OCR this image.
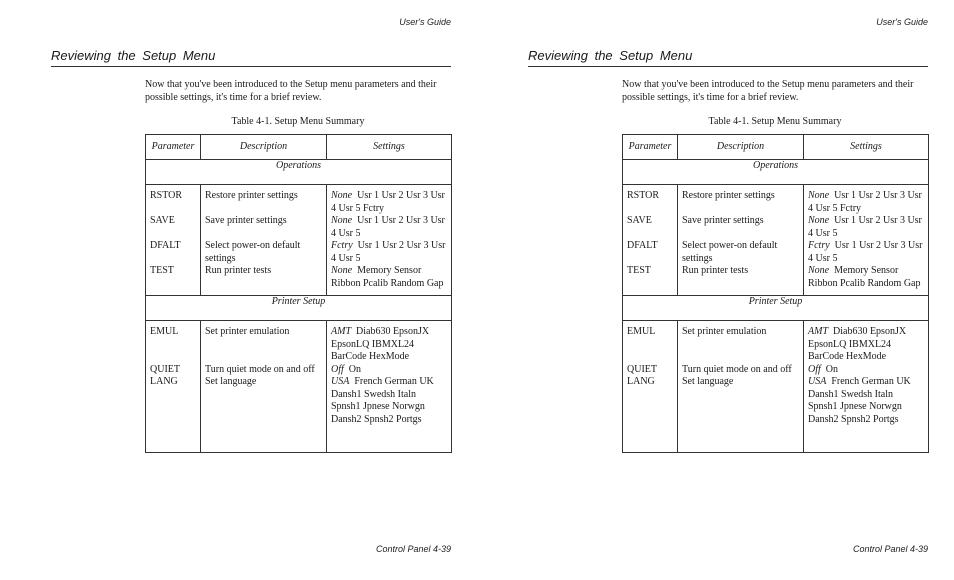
User's Guide
Reviewing the Setup Menu

Now that you've been introduced to the Setup menu parameters and their possible settings, it's time for a brief review.

Table 4-1. Setup Menu Summary
Parameter	Description	Settings
Operations		
RSTOR	Restore printer settings	None Usr 1 Usr 2 Usr 3 Usr 4 Usr 5 Fctry
SAVE	Save printer settings	None Usr 1 Usr 2 Usr 3 Usr 4 Usr 5
DFALT	Select power-on default settings	Fctry Usr 1 Usr 2 Usr 3 Usr 4 Usr 5
TEST	Run printer tests	None Memory Sensor Ribbon Pcalib Random Gap
Printer Setup		
EMUL	Set printer emulation	AMT Diab630 EpsonJX EpsonLQ IBMXL24 BarCode HexMode
QUIET	Turn quiet mode on and off	Off On
LANG	Set language	USA French German UK Dansh1 Swedsh Italn Spnsh1 Jpnese Norwgn Dansh2 Spnsh2 Portgs

Control Panel 4-39
User's Guide
Reviewing the Setup Menu

Now that you've been introduced to the Setup menu parameters and their possible settings, it's time for a brief review.

Table 4-1. Setup Menu Summary
Parameter	Description	Settings
Operations		
RSTOR	Restore printer settings	None Usr 1 Usr 2 Usr 3 Usr 4 Usr 5 Fctry
SAVE	Save printer settings	None Usr 1 Usr 2 Usr 3 Usr 4 Usr 5
DFALT	Select power-on default settings	Fctry Usr 1 Usr 2 Usr 3 Usr 4 Usr 5
TEST	Run printer tests	None Memory Sensor Ribbon Pcalib Random Gap
Printer Setup		
EMUL	Set printer emulation	AMT Diab630 EpsonJX EpsonLQ IBMXL24 BarCode HexMode
QUIET	Turn quiet mode on and off	Off On
LANG	Set language	USA French German UK Dansh1 Swedsh Italn Spnsh1 Jpnese Norwgn Dansh2 Spnsh2 Portgs

Control Panel 4-39
